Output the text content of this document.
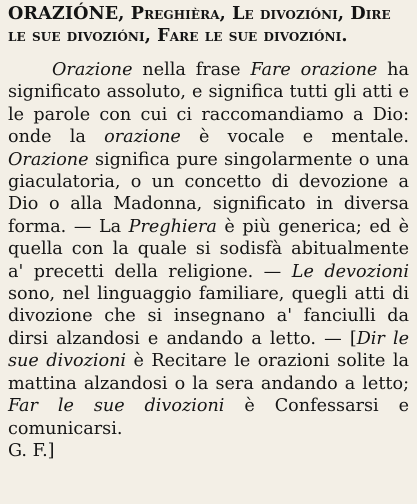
ORAZIÓNE, Preghièra, Le divozióni, Dire le sue divozióni, Fare le sue divozióni.

Orazione nella frase Fare orazione ha significato assoluto, e significa tutti gli atti e le parole con cui ci raccomandiamo a Dio: onde la orazione è vocale e mentale. Orazione significa pure singolarmente o una giaculatoria, o un concetto di devozione a Dio o alla Madonna, significato in diversa forma. — La Preghiera è più generica; ed è quella con la quale si sodisfà abitualmente a' precetti della religione. — Le devozioni sono, nel linguaggio familiare, quegli atti di divozione che si insegnano a' fanciulli da dirsi alzandosi e andando a letto. — [Dir le sue divozioni è Recitare le orazioni solite la mattina alzandosi o la sera andando a letto; Far le sue divozioni è Confessarsi e comunicarsi.
G. F.]
